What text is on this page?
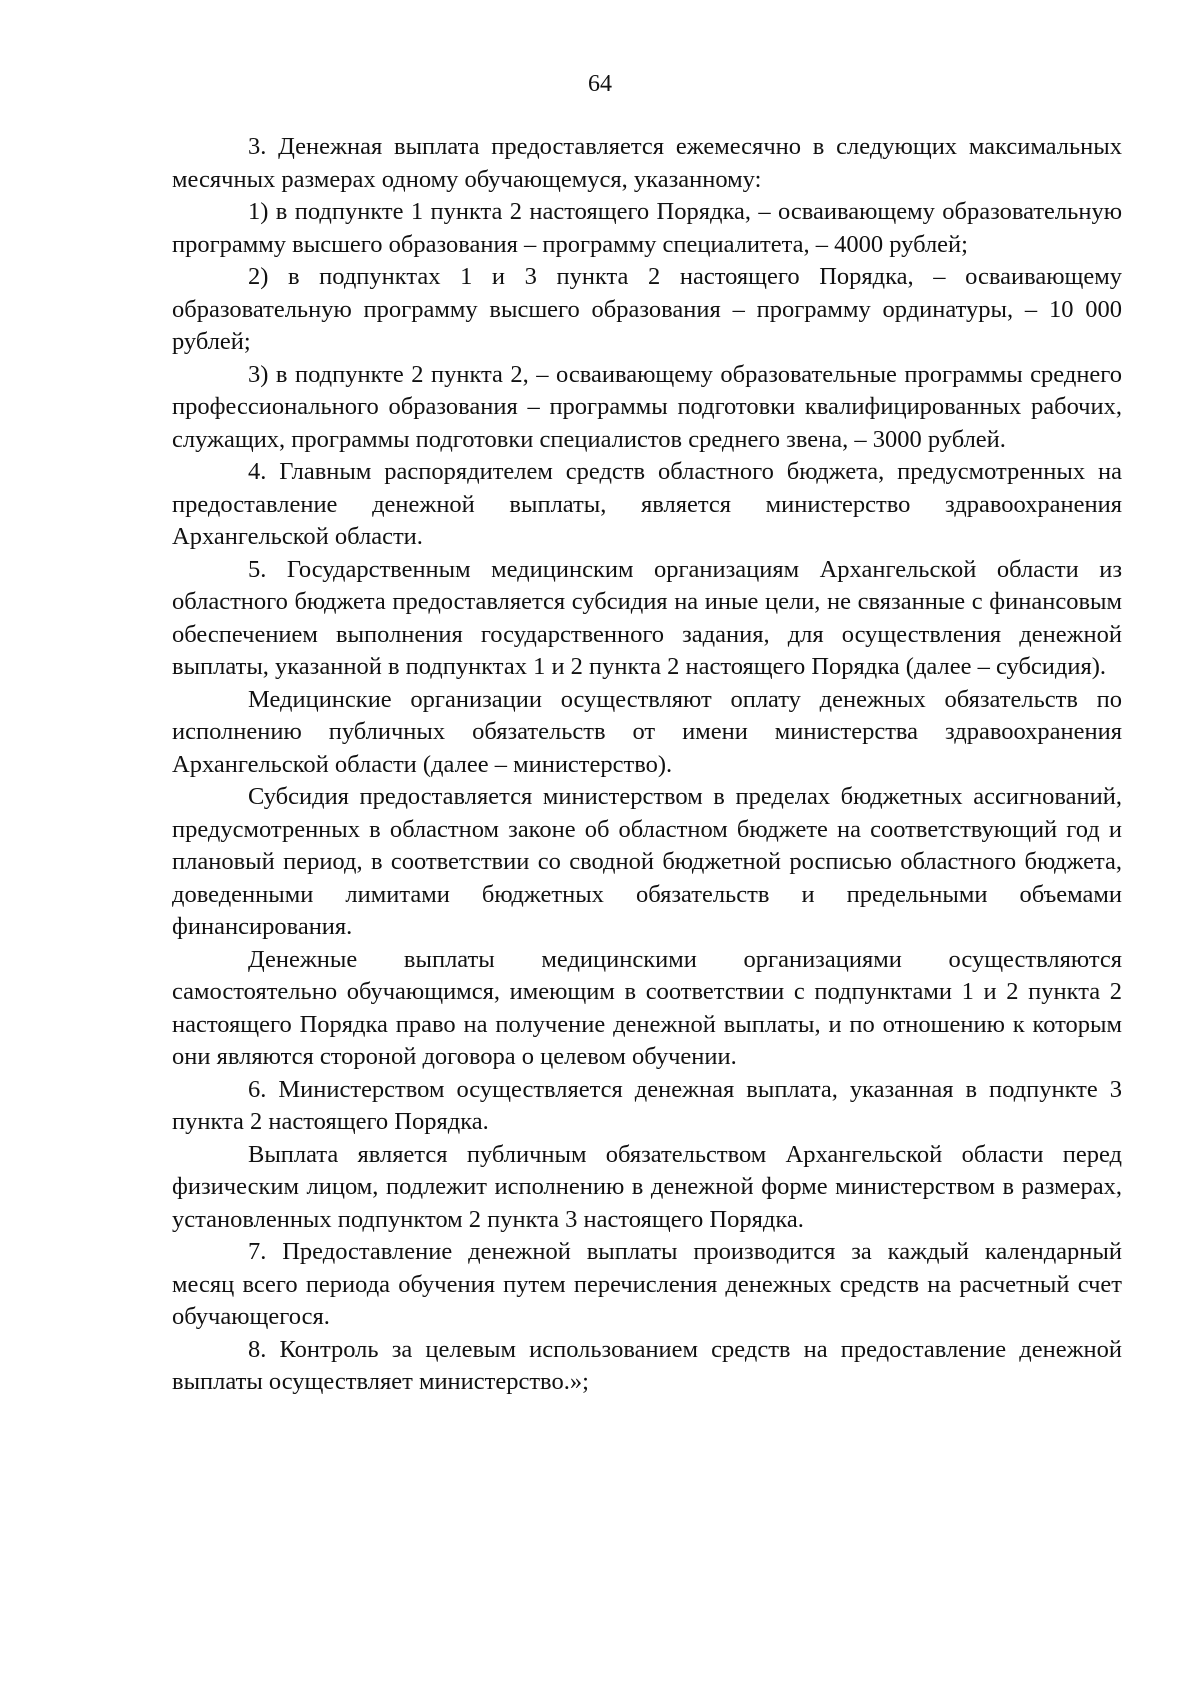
64

3. Денежная выплата предоставляется ежемесячно в следующих максимальных месячных размерах одному обучающемуся, указанному:

1) в подпункте 1 пункта 2 настоящего Порядка, – осваивающему образовательную программу высшего образования – программу специалитета, – 4000 рублей;

2) в подпунктах 1 и 3 пункта 2 настоящего Порядка, – осваивающему образовательную программу высшего образования – программу ординатуры, – 10 000 рублей;

3) в подпункте 2 пункта 2, – осваивающему образовательные программы среднего профессионального образования – программы подготовки квалифицированных рабочих, служащих, программы подготовки специалистов среднего звена, – 3000 рублей.

4. Главным распорядителем средств областного бюджета, предусмотренных на предоставление денежной выплаты, является министерство здравоохранения Архангельской области.

5. Государственным медицинским организациям Архангельской области из областного бюджета предоставляется субсидия на иные цели, не связанные с финансовым обеспечением выполнения государственного задания, для осуществления денежной выплаты, указанной в подпунктах 1 и 2 пункта 2 настоящего Порядка (далее – субсидия).

Медицинские организации осуществляют оплату денежных обязательств по исполнению публичных обязательств от имени министерства здравоохранения Архангельской области (далее – министерство).

Субсидия предоставляется министерством в пределах бюджетных ассигнований, предусмотренных в областном законе об областном бюджете на соответствующий год и плановый период, в соответствии со сводной бюджетной росписью областного бюджета, доведенными лимитами бюджетных обязательств и предельными объемами финансирования.

Денежные выплаты медицинскими организациями осуществляются самостоятельно обучающимся, имеющим в соответствии с подпунктами 1 и 2 пункта 2 настоящего Порядка право на получение денежной выплаты, и по отношению к которым они являются стороной договора о целевом обучении.

6. Министерством осуществляется денежная выплата, указанная в подпункте 3 пункта 2 настоящего Порядка.

Выплата является публичным обязательством Архангельской области перед физическим лицом, подлежит исполнению в денежной форме министерством в размерах, установленных подпунктом 2 пункта 3 настоящего Порядка.

7. Предоставление денежной выплаты производится за каждый календарный месяц всего периода обучения путем перечисления денежных средств на расчетный счет обучающегося.

8. Контроль за целевым использованием средств на предоставление денежной выплаты осуществляет министерство.»;
